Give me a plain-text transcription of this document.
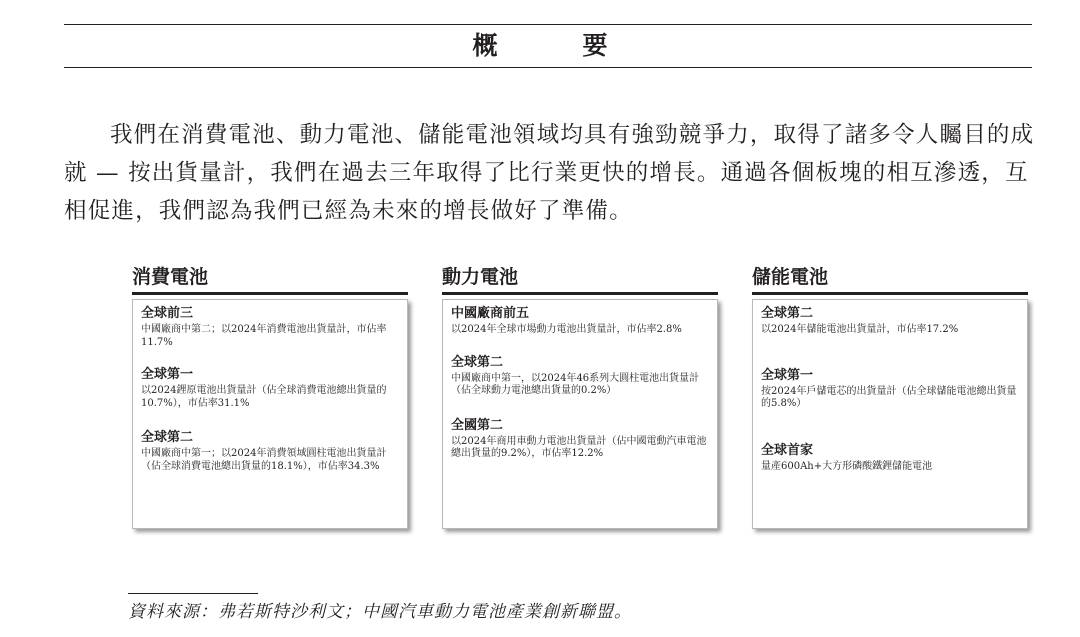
概　要

我們在消費電池、動力電池、儲能電池領域均具有強勁競爭力，取得了諸多令人矚目的成就 — 按出貨量計，我們在過去三年取得了比行業更快的增長。通過各個板塊的相互滲透，互相促進，我們認為我們已經為未來的增長做好了準備。

消費電池
全球前三
中國廠商中第二；以2024年消費電池出貨量計，市佔率11.7%
全球第一
以2024鋰原電池出貨量計（佔全球消費電池總出貨量的10.7%），市佔率31.1%
全球第二
中國廠商中第一；以2024年消費領域圓柱電池出貨量計（佔全球消費電池總出貨量的18.1%），市佔率34.3%
動力電池
中國廠商前五
以2024年全球市場動力電池出貨量計，市佔率2.8%
全球第二
中國廠商中第一，以2024年46系列大圓柱電池出貨量計（佔全球動力電池總出貨量的0.2%）
全國第二
以2024年商用車動力電池出貨量計（佔中國電動汽車電池總出貨量的9.2%），市佔率12.2%
儲能電池
全球第二
以2024年儲能電池出貨量計，市佔率17.2%
全球第一
按2024年戶儲電芯的出貨量計（佔全球儲能電池總出貨量的5.8%）
全球首家
量產600Ah+大方形磷酸鐵鋰儲能電池
資料來源：弗若斯特沙利文；中國汽車動力電池產業創新聯盟。
